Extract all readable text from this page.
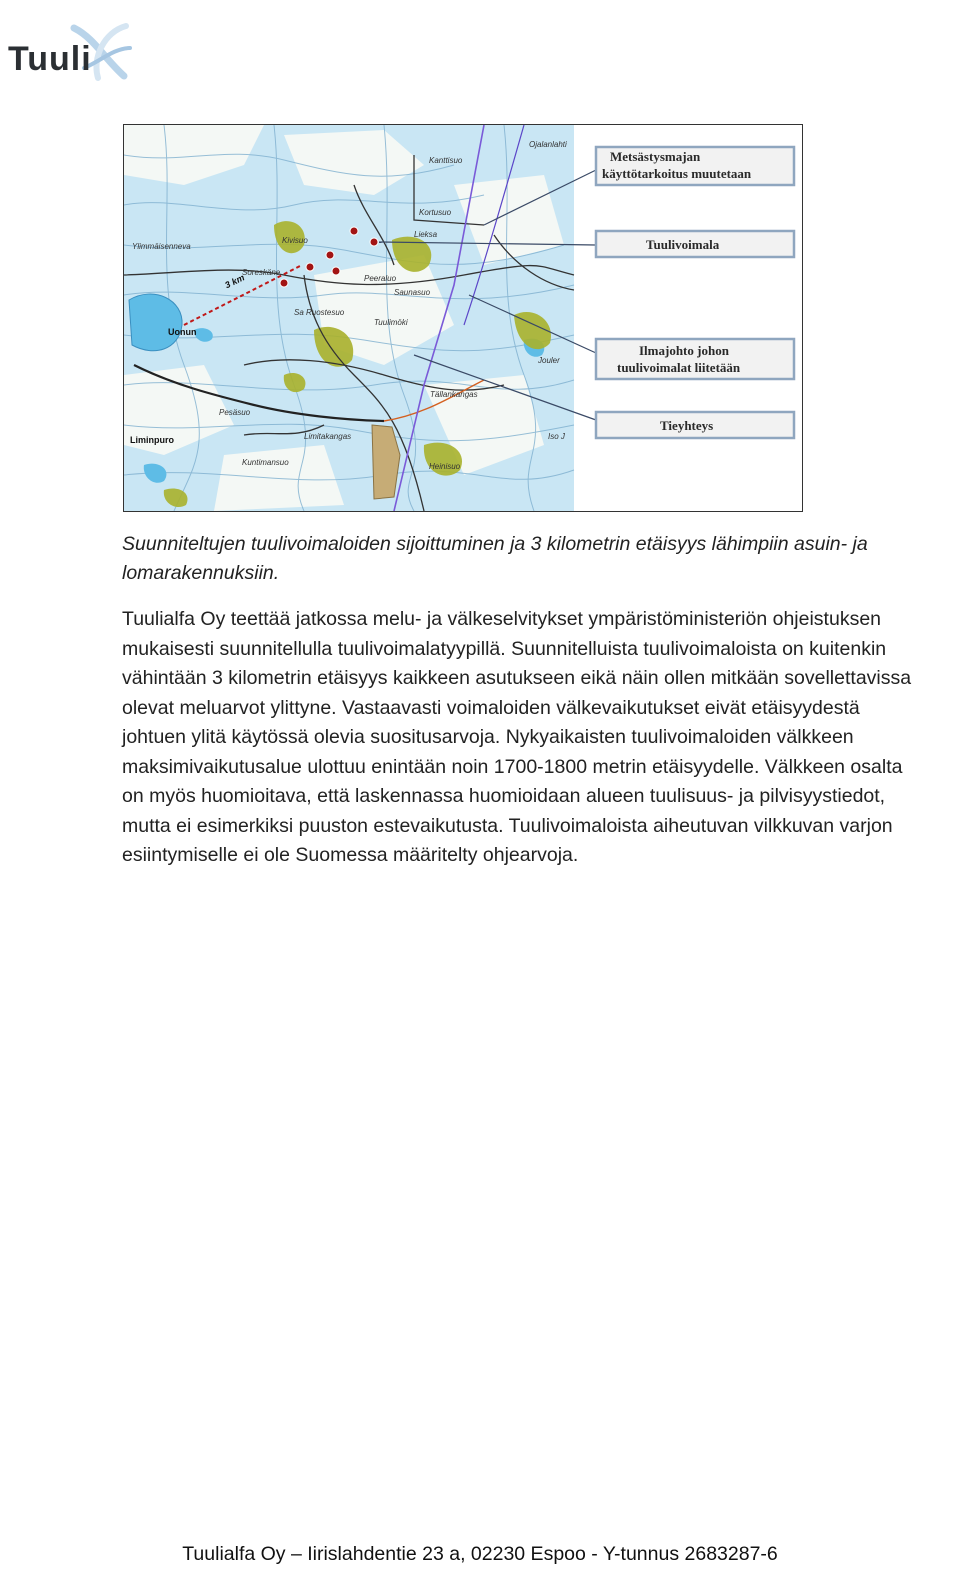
Tuuli
3 km
Metsästysmajan
käyttötarkoitus muutetaan
Tuulivoimala
Ilmajohto johon
tuulivoimalat liitetään
Tieyhteys
Ylimmäisenneva
Kivisuo
Soreskäne
Peeraluo
Saunasuo
Sa Ruostesuo
Tuulimöki
Uonun
Pesäsuo
Liminpuro	Limitakangas
Kuntimansuo
Tällankangas
Heinisuo
Iso J
Jouler
Kortusuo
Lieksa
Ojalanlahti
Kanttisuo
Suunniteltujen tuulivoimaloiden sijoittuminen ja 3 kilometrin etäisyys lähimpiin asuin- ja lomarakennuksiin.
Tuulialfa Oy teettää jatkossa melu- ja välkeselvitykset ympäristöministeriön ohjeistuksen
mukaisesti suunnitellulla tuulivoimalatyypillä. Suunnitelluista tuulivoimaloista on kuitenkin
vähintään 3 kilometrin etäisyys kaikkeen asutukseen eikä näin ollen mitkään sovellettavissa
olevat meluarvot ylittyne. Vastaavasti voimaloiden välkevaikutukset eivät etäisyydestä
johtuen ylitä käytössä olevia suositusarvoja. Nykyaikaisten tuulivoimaloiden välkkeen
maksimivaikutusalue ulottuu enintään noin 1700-1800 metrin etäisyydelle. Välkkeen osalta
on myös huomioitava, että laskennassa huomioidaan alueen tuulisuus- ja pilvisyystiedot,
mutta ei esimerkiksi puuston estevaikutusta. Tuulivoimaloista aiheutuvan vilkkuvan varjon
esiintymiselle ei ole Suomessa määritelty ohjearvoja.
Tuulialfa Oy – Iirislahdentie 23 a, 02230 Espoo - Y-tunnus 2683287-6
